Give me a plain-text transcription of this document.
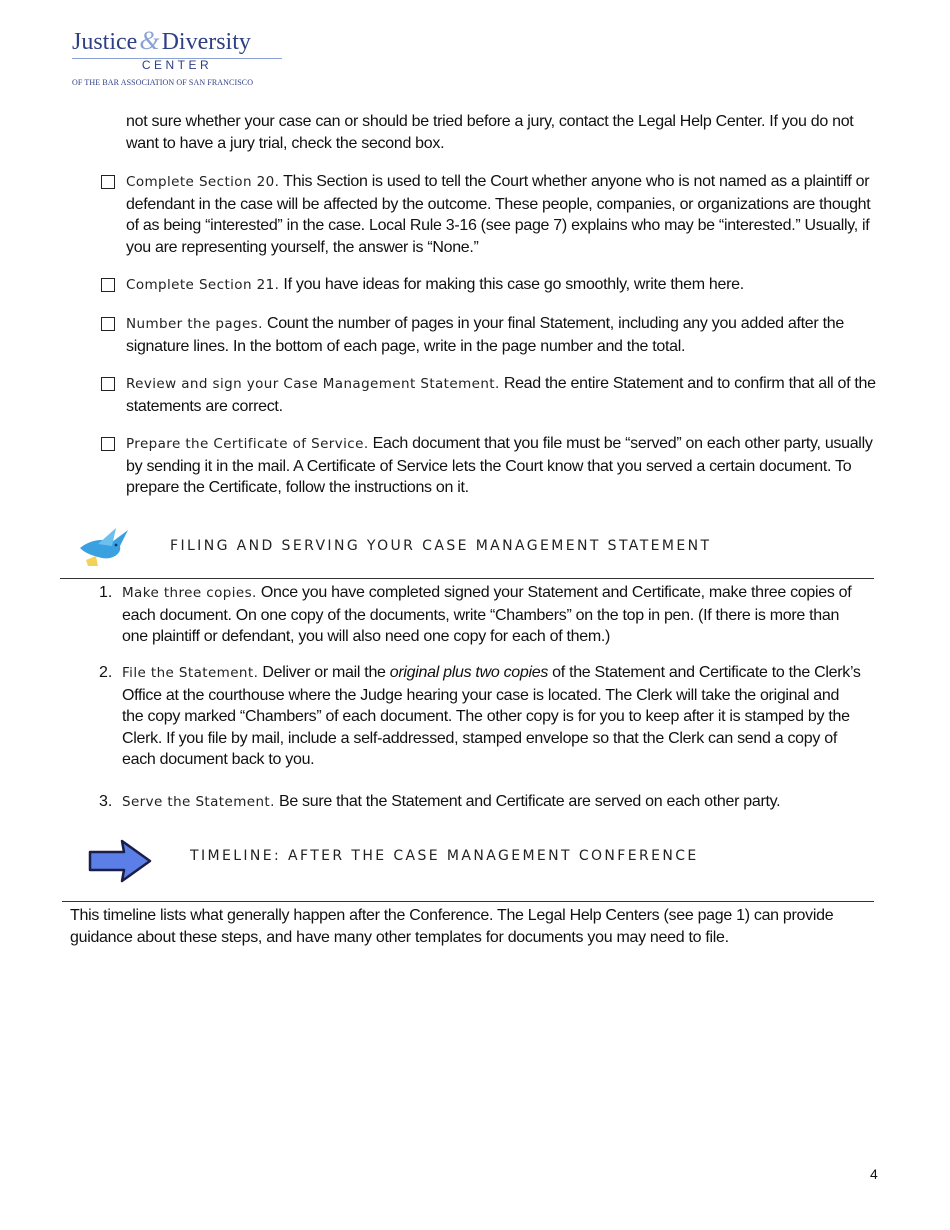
Justice&Diversity
CENTER
OF THE BAR ASSOCIATION OF SAN FRANCISCO
not sure whether your case can or should be tried before a jury, contact the Legal Help Center. If you do not want to have a jury trial, check the second box.
Complete Section 20. This Section is used to tell the Court whether anyone who is not named as a plaintiff or defendant in the case will be affected by the outcome. These people, companies, or organizations are thought of as being “interested” in the case. Local Rule 3-16 (see page 7) explains who may be “interested.” Usually, if you are representing yourself, the answer is “None.”
Complete Section 21. If you have ideas for making this case go smoothly, write them here.
Number the pages. Count the number of pages in your final Statement, including any you added after the signature lines. In the bottom of each page, write in the page number and the total.
Review and sign your Case Management Statement. Read the entire Statement and to confirm that all of the statements are correct.
Prepare the Certificate of Service. Each document that you file must be “served” on each other party, usually by sending it in the mail. A Certificate of Service lets the Court know that you served a certain document. To prepare the Certificate, follow the instructions on it.
FILING AND SERVING YOUR CASE MANAGEMENT STATEMENT
1. Make three copies. Once you have completed signed your Statement and Certificate, make three copies of each document. On one copy of the documents, write “Chambers” on the top in pen. (If there is more than one plaintiff or defendant, you will also need one copy for each of them.)
2. File the Statement. Deliver or mail the original plus two copies of the Statement and Certificate to the Clerk’s Office at the courthouse where the Judge hearing your case is located. The Clerk will take the original and the copy marked “Chambers” of each document. The other copy is for you to keep after it is stamped by the Clerk. If you file by mail, include a self-addressed, stamped envelope so that the Clerk can send a copy of each document back to you.
3. Serve the Statement. Be sure that the Statement and Certificate are served on each other party.
TIMELINE: AFTER THE CASE MANAGEMENT CONFERENCE
This timeline lists what generally happen after the Conference. The Legal Help Centers (see page 1) can provide guidance about these steps, and have many other templates for documents you may need to file.
4
